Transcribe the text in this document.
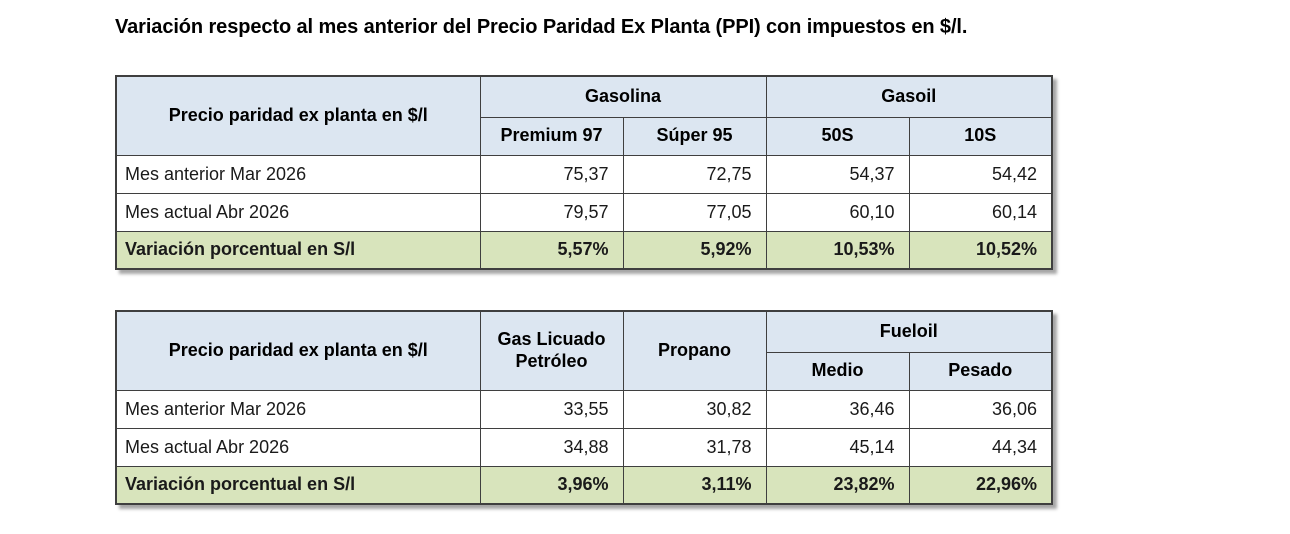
Variación respecto al mes anterior del Precio Paridad Ex Planta (PPI) con impuestos en $/l.
Precio paridad ex planta en $/l	Gasolina		Gasoil	
	Premium 97	Súper 95	50S	10S
Mes anterior Mar 2026	75,37	72,75	54,37	54,42
Mes actual Abr 2026	79,57	77,05	60,10	60,14
Variación porcentual en S/l	5,57%	5,92%	10,53%	10,52%
Precio paridad ex planta en $/l	Gas Licuado Petróleo	Propano	Fueloil	
			Medio	Pesado
Mes anterior Mar 2026	33,55	30,82	36,46	36,06
Mes actual Abr 2026	34,88	31,78	45,14	44,34
Variación porcentual en S/l	3,96%	3,11%	23,82%	22,96%
